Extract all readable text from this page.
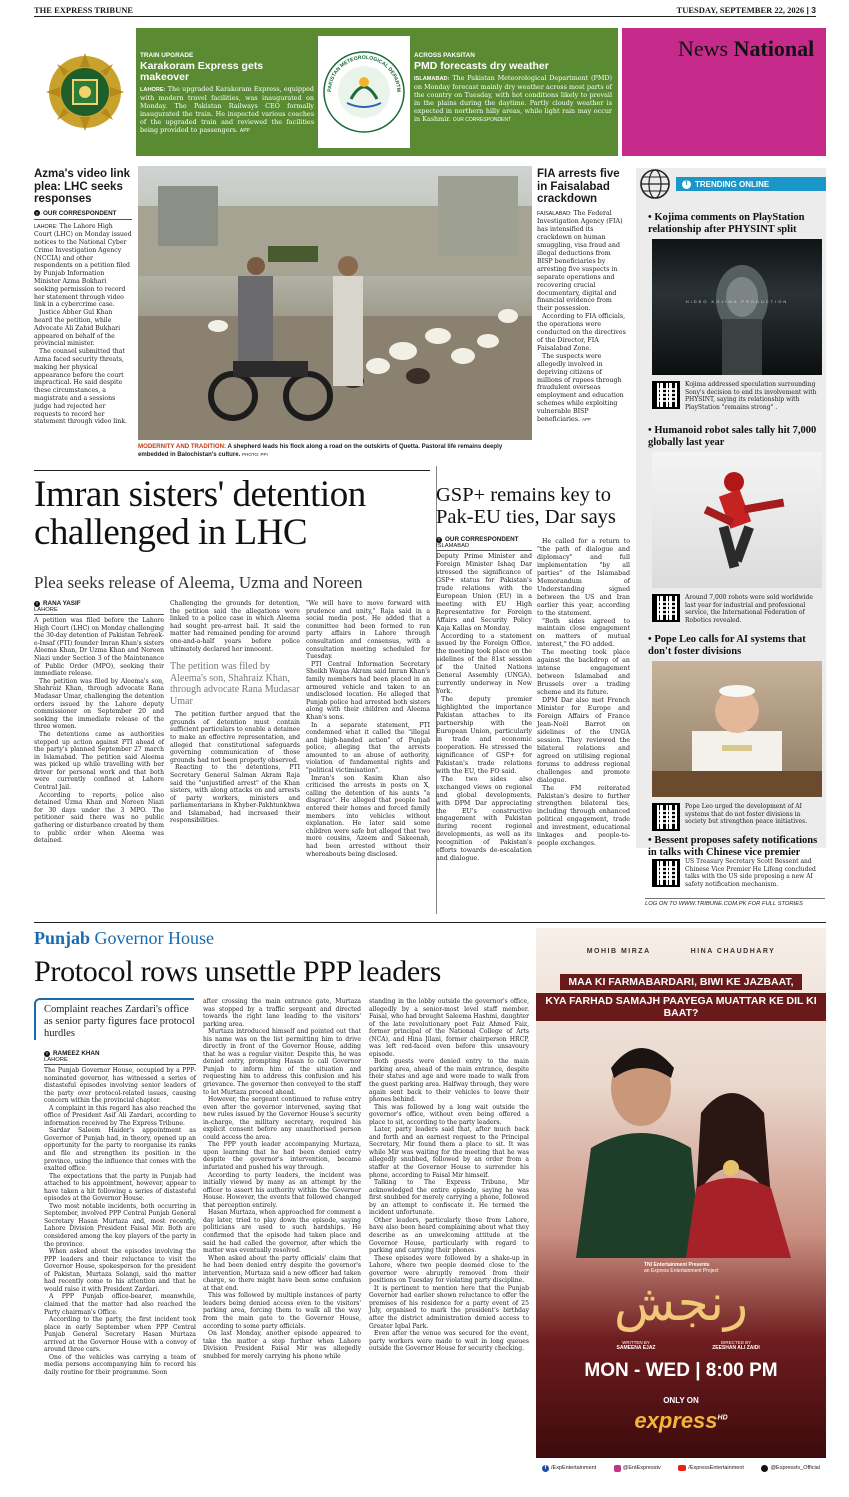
THE EXPRESS TRIBUNE	TUESDAY, SEPTEMBER 22, 2026 | 3
TRAIN UPGRADE
Karakoram Express gets makeover
LAHORE: The upgraded Karakoram Express, equipped with modern travel facilities, was inaugurated on Monday. The Pakistan Railways CEO formally inaugurated the train. He inspected various coaches of the upgraded train and reviewed the facilities being provided to passengers. APP
PAKISTAN METEOROLOGICAL DEPARTM
ACROSS PAKSITAN
PMD forecasts dry weather
ISLAMABAD: The Pakistan Meteorological Department (PMD) on Monday forecast mainly dry weather across most parts of the country on Tuesday, with hot conditions likely to prevail in the plains during the daytime. Partly cloudy weather is expected in northern hilly areas, while light rain may occur in Kashmir. OUR CORRESPONDENT
News National
Azma's video link plea: LHC seeks responses
T OUR CORRESPONDENT
LAHORE: The Lahore High Court (LHC) on Monday issued notices to the National Cyber Crime Investigation Agency (NCCIA) and other respondents on a petition filed by Punjab Information Minister Azma Bokhari seeking permission to record her statement through video link in a cybercrime case.
Justice Abher Gul Khan heard the petition, while Advocate Ali Zahid Bukhari appeared on behalf of the provincial minister.
The counsel submitted that Azma faced security threats, making her physical appearance before the court impractical. He said despite these circumstances, a magistrate and a sessions judge had rejected her requests to record her statement through video link.
MODERNITY AND TRADITION: A shepherd leads his flock along a road on the outskirts of Quetta. Pastoral life remains deeply embedded in Balochistan's culture. PHOTO: PPI
FIA arrests five in Faisalabad crackdown
FAISALABAD: The Federal Investigation Agency (FIA) has intensified its crackdown on human smuggling, visa fraud and illegal deductions from BISP beneficiaries by arresting five suspects in separate operations and recovering crucial documentary, digital and financial evidence from their possession.
According to FIA officials, the operations were conducted on the directives of the Director, FIA Faisalabad Zone.
The suspects were allegedly involved in depriving citizens of millions of rupees through fraudulent overseas employment and education schemes while exploiting vulnerable BISP beneficiaries. APP
T TRENDING ONLINE
• Kojima comments on PlayStation relationship after PHYSINT split
HIDEO KOJIMA PRODUCTION
Kojima addressed speculation surrounding Sony's decision to end its involvement with PHYSINT, saying its relationship with PlayStation "remains strong" .
• Humanoid robot sales tally hit 7,000 globally last year
Around 7,000 robots were sold worldwide last year for industrial and professional service, the International Federation of Robotics revealed.
• Pope Leo calls for AI systems that don't foster divisions
Pope Leo urged the development of AI systems that do not foster divisions in society but strengthen peace initiatives.
• Bessent proposes safety notifications in talks with Chinese vice premier
US Treasury Secretary Scott Bessent and Chinese Vice Premier He Lifeng concluded talks with the US side proposing a new AI safety notification mechanism.
LOG ON TO WWW.TRIBUNE.COM.PK FOR FULL STORIES
Imran sisters' detention
challenged in LHC
Plea seeks release of Aleema, Uzma and Noreen
T RANA YASIF
LAHORE
A petition was filed before the Lahore High Court (LHC) on Monday challenging the 30-day detention of Pakistan Tehreek-e-Insaf (PTI) founder Imran Khan's sisters Aleema Khan, Dr Uzma Khan and Noreen Niazi under Section 3 of the Maintenance of Public Order (MPO), seeking their immediate release.
The petition was filed by Aleema's son, Shahraiz Khan, through advocate Rana Mudasar Umar, challenging the detention orders issued by the Lahore deputy commissioner on September 20 and seeking the immediate release of the three women.
The detentions came as authorities stepped up action against PTI ahead of the party's planned September 27 march in Islamabad. The petition said Aleema was picked up while travelling with her driver for personal work and that both were currently confined at Lahore Central Jail.
According to reports, police also detained Uzma Khan and Noreen Niazi for 30 days under the 3 MPO. The petitioner said there was no public gathering or disturbance created by them to public order when Aleema was detained.
Challenging the grounds for detention, the petition said the allegations were linked to a police case in which Aleema had sought pre-arrest bail. It said the matter had remained pending for around one-and-a-half years before police ultimately declared her innocent.
The petition was filed by Aleema's son, Shahraiz Khan, through advocate Rana Mudasar Umar
The petition further argued that the grounds of detention must contain sufficient particulars to enable a detainee to make an effective representation, and alleged that constitutional safeguards governing communication of those grounds had not been properly observed.
Reacting to the detentions, PTI Secretary General Salman Akram Raja said the "unjustified arrest" of the Khan sisters, with along attacks on and arrests of party workers, ministers and parliamentarians in Khyber-Pakhtunkhwa and Islamabad, had increased their responsibilities.
"We will have to move forward with prudence and unity," Raja said in a social media post. He added that a committee had been formed to run party affairs in Lahore through consultation and consensus, with a consultation meeting scheduled for Tuesday.
PTI Central Information Secretary Sheikh Waqas Akram said Imran Khan's family members had been placed in an armoured vehicle and taken to an undisclosed location. He alleged that Punjab police had arrested both sisters along with their children and Aleema Khan's sons.
In a separate statement, PTI condemned what it called the "illegal and high-handed action" of Punjab police, alleging that the arrests amounted to an abuse of authority, violation of fundamental rights and "political victimisation".
Imran's son Kasim Khan also criticised the arrests in posts on X, calling the detention of his aunts "a disgrace". He alleged that people had entered their homes and forced family members into vehicles without explanation. He later said some children were safe but alleged that two more cousins, Azeem and Sakeenah, had been arrested without their whereabouts being disclosed.
GSP+ remains key to
Pak-EU ties, Dar says
T OUR CORRESPONDENT
ISLAMABAD
Deputy Prime Minister and Foreign Minister Ishaq Dar stressed the significance of GSP+ status for Pakistan's trade relations with the European Union (EU) in a meeting with EU High Representative for Foreign Affairs and Security Policy Kaja Kallas on Monday.
According to a statement issued by the Foreign Office, the meeting took place on the sidelines of the 81st session of the United Nations General Assembly (UNGA), currently underway in New York.
The deputy premier highlighted the importance Pakistan attaches to its partnership with the European Union, particularly in trade and economic cooperation. He stressed the significance of GSP+ for Pakistan's trade relations with the EU, the FO said.
The two sides also exchanged views on regional and global developments, with DPM Dar appreciating the EU's constructive engagement with Pakistan during recent regional developments, as well as its recognition of Pakistan's efforts towards de-escalation and dialogue.
He called for a return to "the path of dialogue and diplomacy" and full implementation "by all parties" of the Islamabad Memorandum of Understanding signed between the US and Iran earlier this year, according to the statement.
"Both sides agreed to maintain close engagement on matters of mutual interest," the FO added.
The meeting took place against the backdrop of an intense engagement between Islamabad and Brussels over a trading scheme and its future.
DPM Dar also met French Minister for Europe and Foreign Affairs of France Jean-Noël Barrot on sidelines of the UNGA session. They reviewed the bilateral relations and agreed on utilising regional forums to address regional challenges and promote dialogue.
The FM reiterated Pakistan's desire to further strengthen bilateral ties, including through enhanced political engagement, trade and investment, educational linkages and people-to-people exchanges.
Punjab Governor House
Protocol rows unsettle PPP leaders
Complaint reaches Zardari's office as senior party figures face protocol hurdles
T RAMEEZ KHAN
LAHORE
The Punjab Governor House, occupied by a PPP-nominated governor, has witnessed a series of distasteful episodes involving senior leaders of the party over protocol-related issues, causing concern within the provincial chapter.
A complaint in this regard has also reached the office of President Asif Ali Zardari, according to information received by The Express Tribune.
Sardar Saleem Haider's appointment as Governor of Punjab had, in theory, opened up an opportunity for the party to reorganise its ranks and file and strengthen its position in the province, using the influence that comes with the exalted office.
The expectations that the party in Punjab had attached to his appointment, however, appear to have taken a hit following a series of distasteful episodes at the Governor House.
Two most notable incidents, both occurring in September, involved PPP Central Punjab General Secretary Hasan Murtaza and, most recently, Lahore Division President Faisal Mir. Both are considered among the key players of the party in the province.
When asked about the episodes involving the PPP leaders and their reluctance to visit the Governor House, spokesperson for the president of Pakistan, Murtaza Solangi, said the matter had recently come to his attention and that he would raise it with President Zardari.
A PPP Punjab office-bearer, meanwhile, claimed that the matter had also reached the Party chairman's Office.
According to the party, the first incident took place in early September when PPP Central Punjab General Secretary Hasan Murtaza arrived at the Governor House with a convoy of around three cars.
One of the vehicles was carrying a team of media persons accompanying him to record his daily routine for their programme. Soon
after crossing the main entrance gate, Murtaza was stopped by a traffic sergeant and directed towards the right lane leading to the visitors' parking area.
Murtaza introduced himself and pointed out that his name was on the list permitting him to drive directly in front of the Governor House, adding that he was a regular visitor. Despite this, he was denied entry, prompting Hasan to call Governor Punjab to inform him of the situation and requesting him to address this confusion and his grievance. The governor then conveyed to the staff to let Murtaza proceed ahead.
However, the sergeant continued to refuse entry even after the governor intervened, saying that new rules issued by the Governor House's security in-charge, the military secretary, required his explicit consent before any unauthorised person could access the area.
The PPP youth leader accompanying Murtaza, upon learning that he had been denied entry despite the governor's intervention, became infuriated and pushed his way through.
According to party leaders, the incident was initially viewed by many as an attempt by the officer to assert his authority within the Governor House. However, the events that followed changed that perception entirely.
Hasan Murtaza, when approached for comment a day later, tried to play down the episode, saying politicians are used to such hardships. He confirmed that the episode had taken place and said he had called the governor, after which the matter was eventually resolved.
When asked about the party officials' claim that he had been denied entry despite the governor's intervention, Murtaza said a new officer had taken charge, so there might have been some confusion at that end.
This was followed by multiple instances of party leaders being denied access even to the visitors' parking area, forcing them to walk all the way from the main gate to the Governor House, according to some party officials.
On last Monday, another episode appeared to take the matter a step further when Lahore Division President Faisal Mir was allegedly snubbed for merely carrying his phone while
standing in the lobby outside the governor's office, allegedly by a senior-most level staff member. Faisal, who had brought Saleema Hashmi, daughter of the late revolutionary poet Faiz Ahmed Faiz, former principal of the National College of Arts (NCA), and Hina Jilani, former chairperson HRCP, was left red-faced even before this unsavoury episode.
Both guests were denied entry to the main parking area, ahead of the main entrance, despite their status and age and were made to walk from the guest parking area. Halfway through, they were again sent back to their vehicles to leave their phones behind.
This was followed by a long wait outside the governor's office, without even being offered a place to sit, according to the party leaders.
Later, party leaders said that, after much back and forth and an earnest request to the Principal Secretary, Mir found them a place to sit. It was while Mir was waiting for the meeting that he was allegedly snubbed, followed by an order from a staffer at the Governor House to surrender his phone, according to Faisal Mir himself.
Talking to The Express Tribune, Mir acknowledged the entire episode, saying he was first snubbed for merely carrying a phone, followed by an attempt to confiscate it. He termed the incident unfortunate.
Other leaders, particularly those from Lahore, have also been heard complaining about what they describe as an unwelcoming attitude at the Governor House, particularly with regard to parking and carrying their phones.
These episodes were followed by a shake-up in Lahore, where two people deemed close to the governor were abruptly removed from their positions on Tuesday for violating party discipline.
It is pertinent to mention here that the Punjab Governor had earlier shown reluctance to offer the premises of his residence for a party event of 25 July, organised to mark the president's birthday after the district administration denied access to Greater Iqbal Park.
Even after the venue was secured for the event, party workers were made to wait in long queues outside the Governor House for security checking.
MOHIB MIRZA	HINA CHAUDHARY
MAA KI FARMABARDARI, BIWI KE JAZBAAT,
KYA FARHAD SAMAJH PAAYEGA MUATTAR KE DIL KI BAAT?
TNI Entertainment Presents
an Express Entertainment Project
رنجش
WRITTEN BY
SAMEENA EJAZ
DIRECTED BY
ZEESHAN ALI ZAIDI
MON - WED | 8:00 PM
ONLY ON
express$^{HD}$
f /ExpEntertainment	@EntExpresstv	/ExpressEntertainment	@Expresstv_Official
